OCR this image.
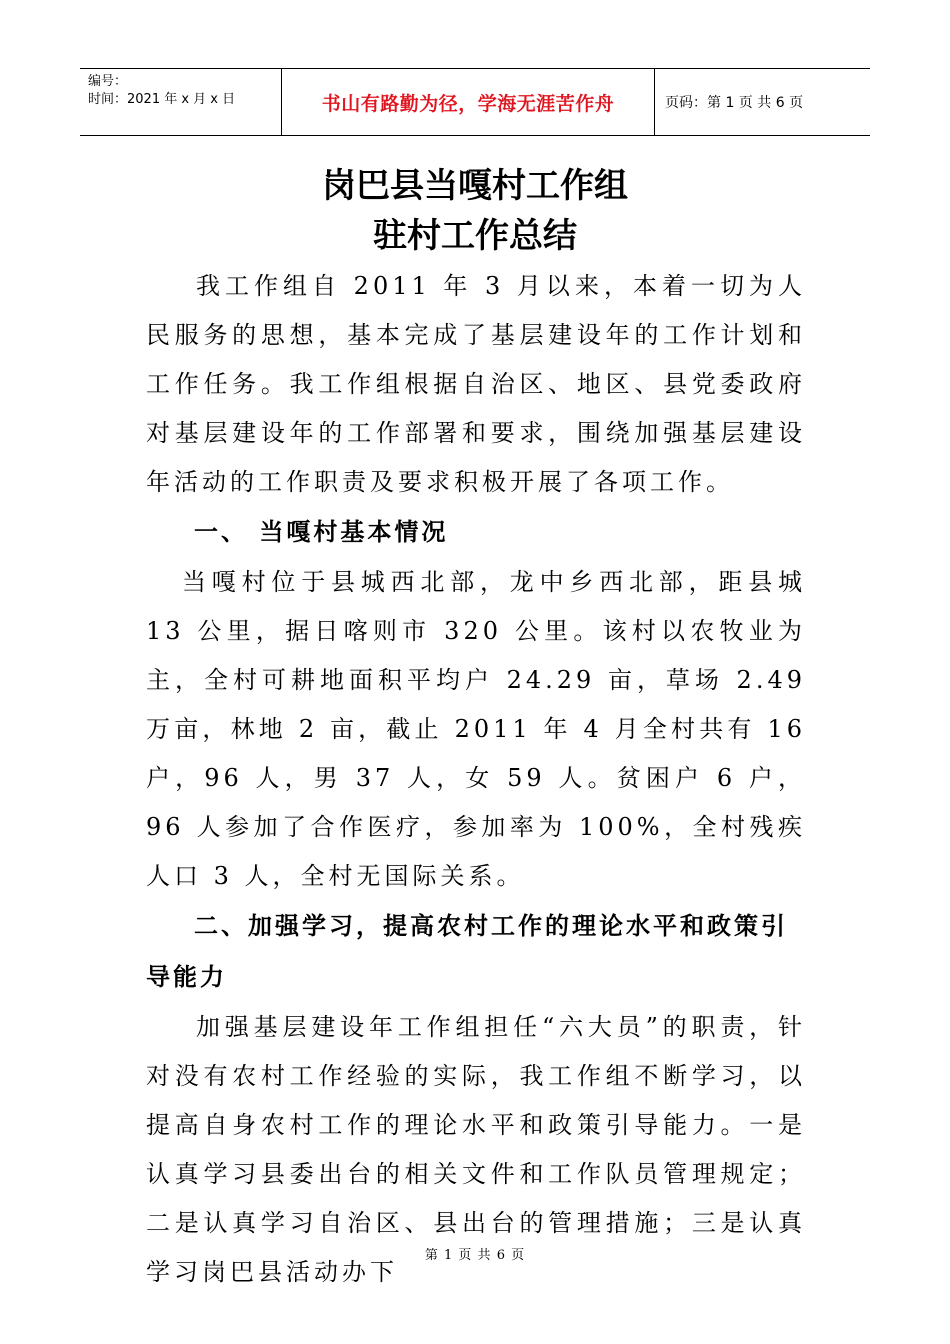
编号：
时间：2021 年 x 月 x 日	书山有路勤为径，学海无涯苦作舟	页码：第 1 页 共 6 页
岗巴县当嘎村工作组
驻村工作总结

我工作组自 2011 年 3 月以来，本着一切为人民服务的思想，基本完成了基层建设年的工作计划和工作任务。我工作组根据自治区、地区、县党委政府对基层建设年的工作部署和要求，围绕加强基层建设年活动的工作职责及要求积极开展了各项工作。

一、 当嘎村基本情况

当嘎村位于县城西北部，龙中乡西北部，距县城 13 公里，据日喀则市 320 公里。该村以农牧业为主，全村可耕地面积平均户 24.29 亩，草场 2.49 万亩，林地 2 亩，截止 2011 年 4 月全村共有 16 户，96 人，男 37 人，女 59 人。贫困户 6 户，96 人参加了合作医疗，参加率为 100%，全村残疾人口 3 人，全村无国际关系。

二、加强学习，提高农村工作的理论水平和政策引导能力

加强基层建设年工作组担任“六大员”的职责，针对没有农村工作经验的实际，我工作组不断学习，以提高自身农村工作的理论水平和政策引导能力。一是认真学习县委出台的相关文件和工作队员管理规定；二是认真学习自治区、县出台的管理措施；三是认真学习岗巴县活动办下

第 1 页 共 6 页
